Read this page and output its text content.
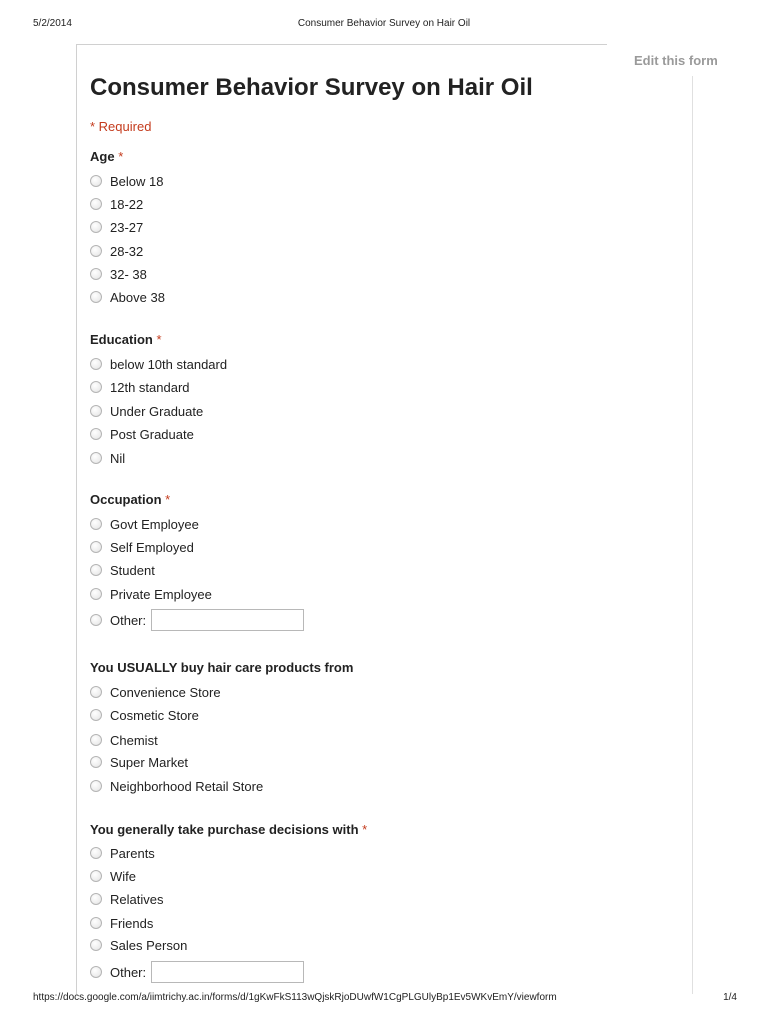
5/2/2014	Consumer Behavior Survey on Hair Oil
Edit this form
Consumer Behavior Survey on Hair Oil
* Required
Age *
Below 18
18-22
23-27
28-32
32- 38
Above 38
Education *
below 10th standard
12th standard
Under Graduate
Post Graduate
Nil
Occupation *
Govt Employee
Self Employed
Student
Private Employee
Other:
You USUALLY buy hair care products from
Convenience Store
Cosmetic Store
Chemist
Super Market
Neighborhood Retail Store
You generally take purchase decisions with *
Parents
Wife
Relatives
Friends
Sales Person
Other:
https://docs.google.com/a/iimtrichy.ac.in/forms/d/1gKwFkS113wQjskRjoDUwfW1CgPLGUlyBp1Ev5WKvEmY/viewform	1/4
